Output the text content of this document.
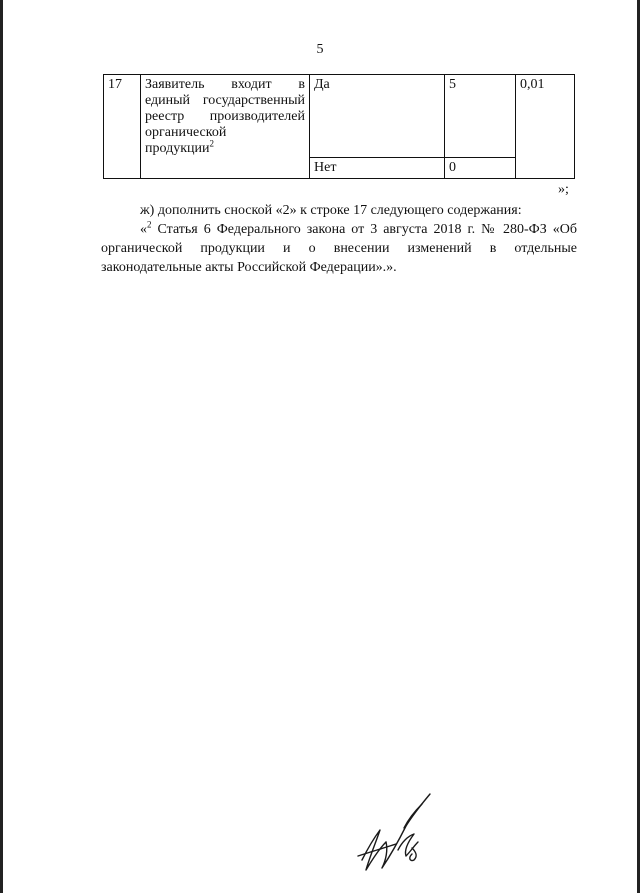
5
17	Заявитель входит в
единый государственный
реестр производителей
органической
продукции$^2$	Да	5	0,01
		Нет	0	
»;
ж) дополнить сноской «2» к строке 17 следующего содержания:
«$^2$ Статья 6 Федерального закона от 3 августа 2018 г. № 280-ФЗ «Об органической продукции и о внесении изменений в отдельные законодательные акты Российской Федерации».».
